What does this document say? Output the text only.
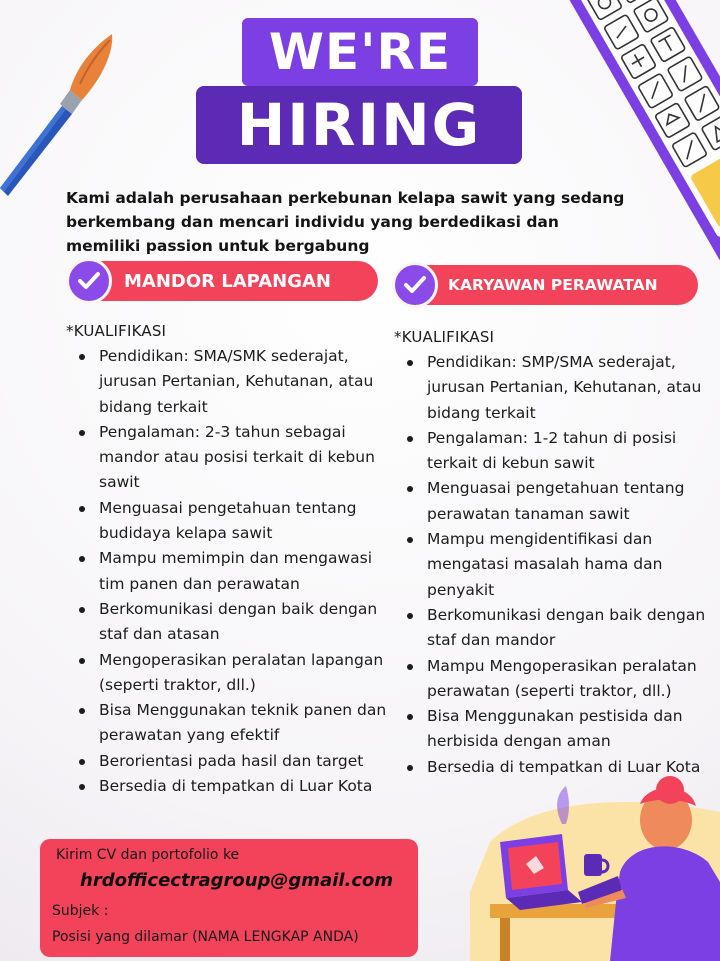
WE'RE
HIRING

Kami adalah perusahaan perkebunan kelapa sawit yang sedang berkembang dan mencari individu yang berdedikasi dan memiliki passion untuk bergabung

MANDOR LAPANGAN	KARYAWAN PERAWATAN
*KUALIFIKASI
Pendidikan: SMA/SMK sederajat, jurusan Pertanian, Kehutanan, atau bidang terkait
Pengalaman: 2-3 tahun sebagai mandor atau posisi terkait di kebun sawit
Menguasai pengetahuan tentang budidaya kelapa sawit
Mampu memimpin dan mengawasi tim panen dan perawatan
Berkomunikasi dengan baik dengan staf dan atasan
Mengoperasikan peralatan lapangan (seperti traktor, dll.)
Bisa Menggunakan teknik panen dan perawatan yang efektif
Berorientasi pada hasil dan target
Bersedia di tempatkan di Luar Kota
*KUALIFIKASI
Pendidikan: SMP/SMA sederajat, jurusan Pertanian, Kehutanan, atau bidang terkait
Pengalaman: 1-2 tahun di posisi terkait di kebun sawit
Menguasai pengetahuan tentang perawatan tanaman sawit
Mampu mengidentifikasi dan mengatasi masalah hama dan penyakit
Berkomunikasi dengan baik dengan staf dan mandor
Mampu Mengoperasikan peralatan perawatan (seperti traktor, dll.)
Bisa Menggunakan pestisida dan herbisida dengan aman
Bersedia di tempatkan di Luar Kota
Kirim CV dan portofolio ke
hrdofficectragroup@gmail.com
Subjek :
Posisi yang dilamar (NAMA LENGKAP ANDA)
